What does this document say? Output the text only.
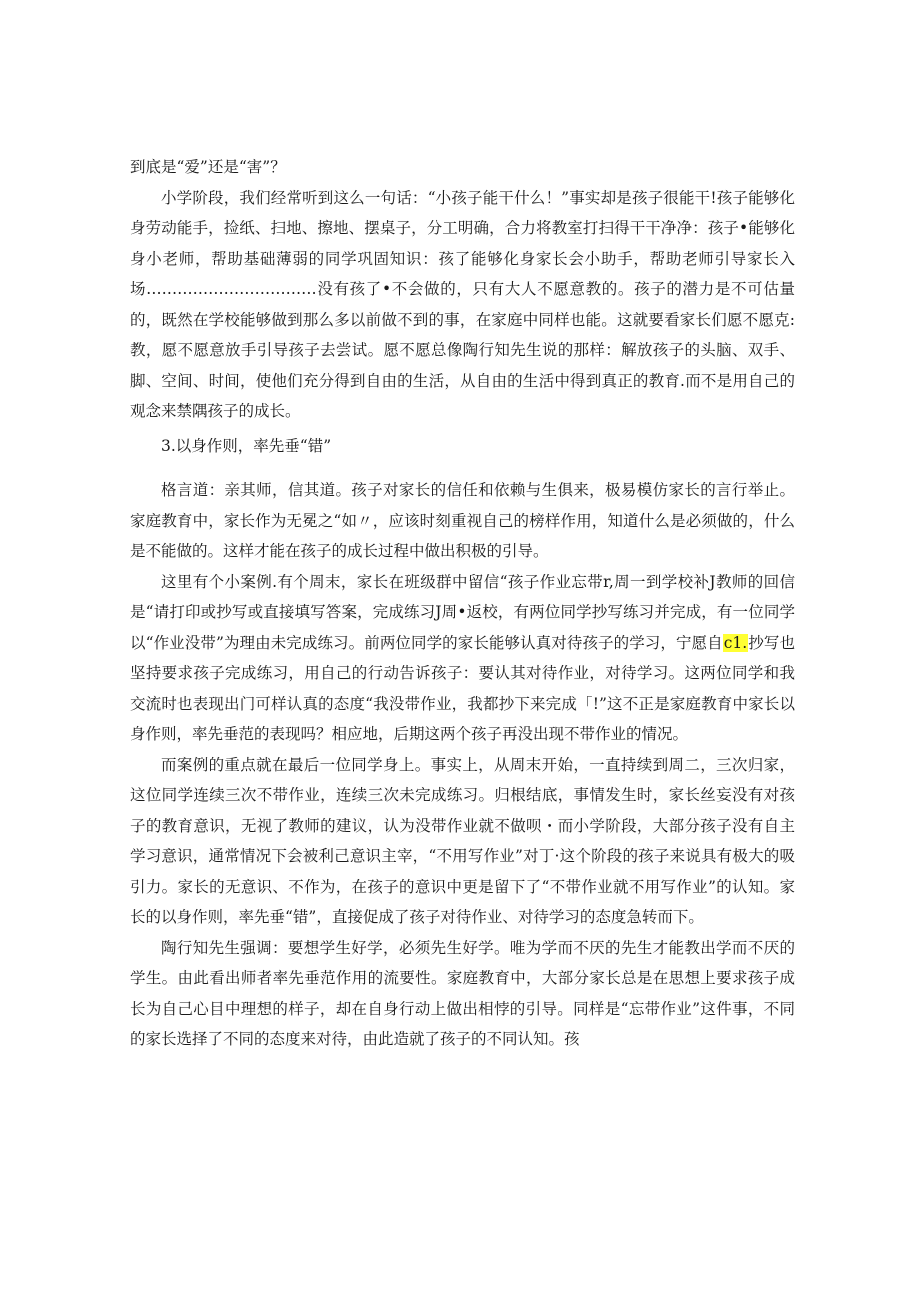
到底是“爱”还是“害”？

小学阶段，我们经常听到这么一句话：“小孩子能干什么！”事实却是孩子很能干!孩子能够化身劳动能手，捡纸、扫地、擦地、摆桌子，分工明确，合力将教室打扫得干干净净：孩子•能够化身小老师，帮助基础薄弱的同学巩固知识：孩了能够化身家长会小助手，帮助老师引导家长入场……………………………没有孩了•不会做的，只有大人不愿意教的。孩子的潜力是不可估量的，既然在学校能够做到那么多以前做不到的事，在家庭中同样也能。这就要看家长们愿不愿克:教，愿不愿意放手引导孩子去尝试。愿不愿总像陶行知先生说的那样：解放孩子的头脑、双手、脚、空间、时间，使他们充分得到自由的生活，从自由的生活中得到真正的教育.而不是用自己的观念来禁隅孩子的成长。

3.以身作则，率先垂“错”

格言道：亲其师，信其道。孩子对家长的信任和依赖与生俱来，极易模仿家长的言行举止。家庭教育中，家长作为无冕之“如〃，应该时刻重视自己的榜样作用，知道什么是必须做的，什么是不能做的。这样才能在孩子的成长过程中做出积极的引导。

这里有个小案例.有个周末，家长在班级群中留信“孩子作业忘带r,周一到学校补J教师的回信是“请打印或抄写或直接填写答案，完成练习J周•返校，有两位同学抄写练习并完成，有一位同学以“作业没带”为理由未完成练习。前两位同学的家长能够认真对待孩子的学习，宁愿自c1.抄写也坚持要求孩子完成练习，用自己的行动告诉孩子：要认其对待作业，对待学习。这两位同学和我交流时也表现出门可样认真的态度“我没带作业，我都抄下来完成「!”这不正是家庭教育中家长以身作则，率先垂范的表现吗？相应地，后期这两个孩子再没出现不带作业的情况。

而案例的重点就在最后一位同学身上。事实上，从周末开始，一直持续到周二，三次归家，这位同学连续三次不带作业，连续三次未完成练习。归根结底，事情发生时，家长丝妄没有对孩子的教育意识，无视了教师的建议，认为没带作业就不做呗・而小学阶段，大部分孩子没有自主学习意识，通常情况下会被利己意识主宰，“不用写作业”对丁·这个阶段的孩子来说具有极大的吸引力。家长的无意识、不作为，在孩子的意识中更是留下了“不带作业就不用写作业”的认知。家长的以身作则，率先垂“错”，直接促成了孩子对待作业、对待学习的态度急转而下。

陶行知先生强调：要想学生好学，必须先生好学。唯为学而不厌的先生才能教出学而不厌的学生。由此看出师者率先垂范作用的流要性。家庭教育中，大部分家长总是在思想上要求孩子成长为自己心目中理想的样子，却在自身行动上做出相悖的引导。同样是“忘带作业”这件事，不同的家长选择了不同的态度来对待，由此造就了孩子的不同认知。孩
